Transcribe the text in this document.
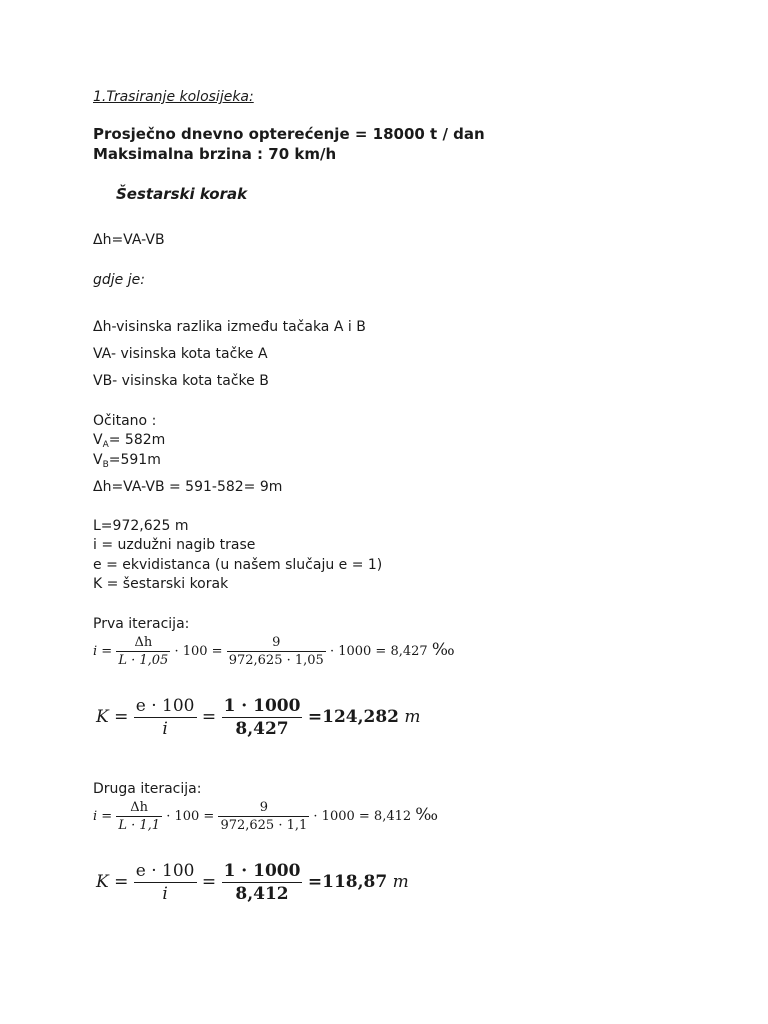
1.Trasiranje kolosijeka:
Prosječno dnevno opterećenje = 18000 t / dan
Maksimalna brzina : 70 km/h
Šestarski korak
Δh=VA-VB
gdje je:
Δh-visinska razlika između tačaka A i B
VA- visinska kota tačke A
VB- visinska kota tačke B
Očitano :
$V_A= 582m$
$V_B=591m$
Δh=VA-VB = 591-582= 9m
L=972,625 m
i = uzdužni nagib trase
e = ekvidistanca (u našem slučaju e = 1)
K = šestarski korak
Prva iteracija:
$i = \frac{\Delta h}{L \cdot 1,05} \cdot 100 = \frac{9}{972,625 \cdot 1,05} \cdot 1000 = 8,427$ ‰
$K = \frac{e \cdot 100}{i} = \frac{1 \cdot 1000}{8,427} =124,282$ m
Druga iteracija:
$i = \frac{\Delta h}{L \cdot 1,1} \cdot 100 = \frac{9}{972,625 \cdot 1,1} \cdot 1000 = 8,412$ ‰
$K = \frac{e \cdot 100}{i} = \frac{1 \cdot 1000}{8,412} =118,87$ m
